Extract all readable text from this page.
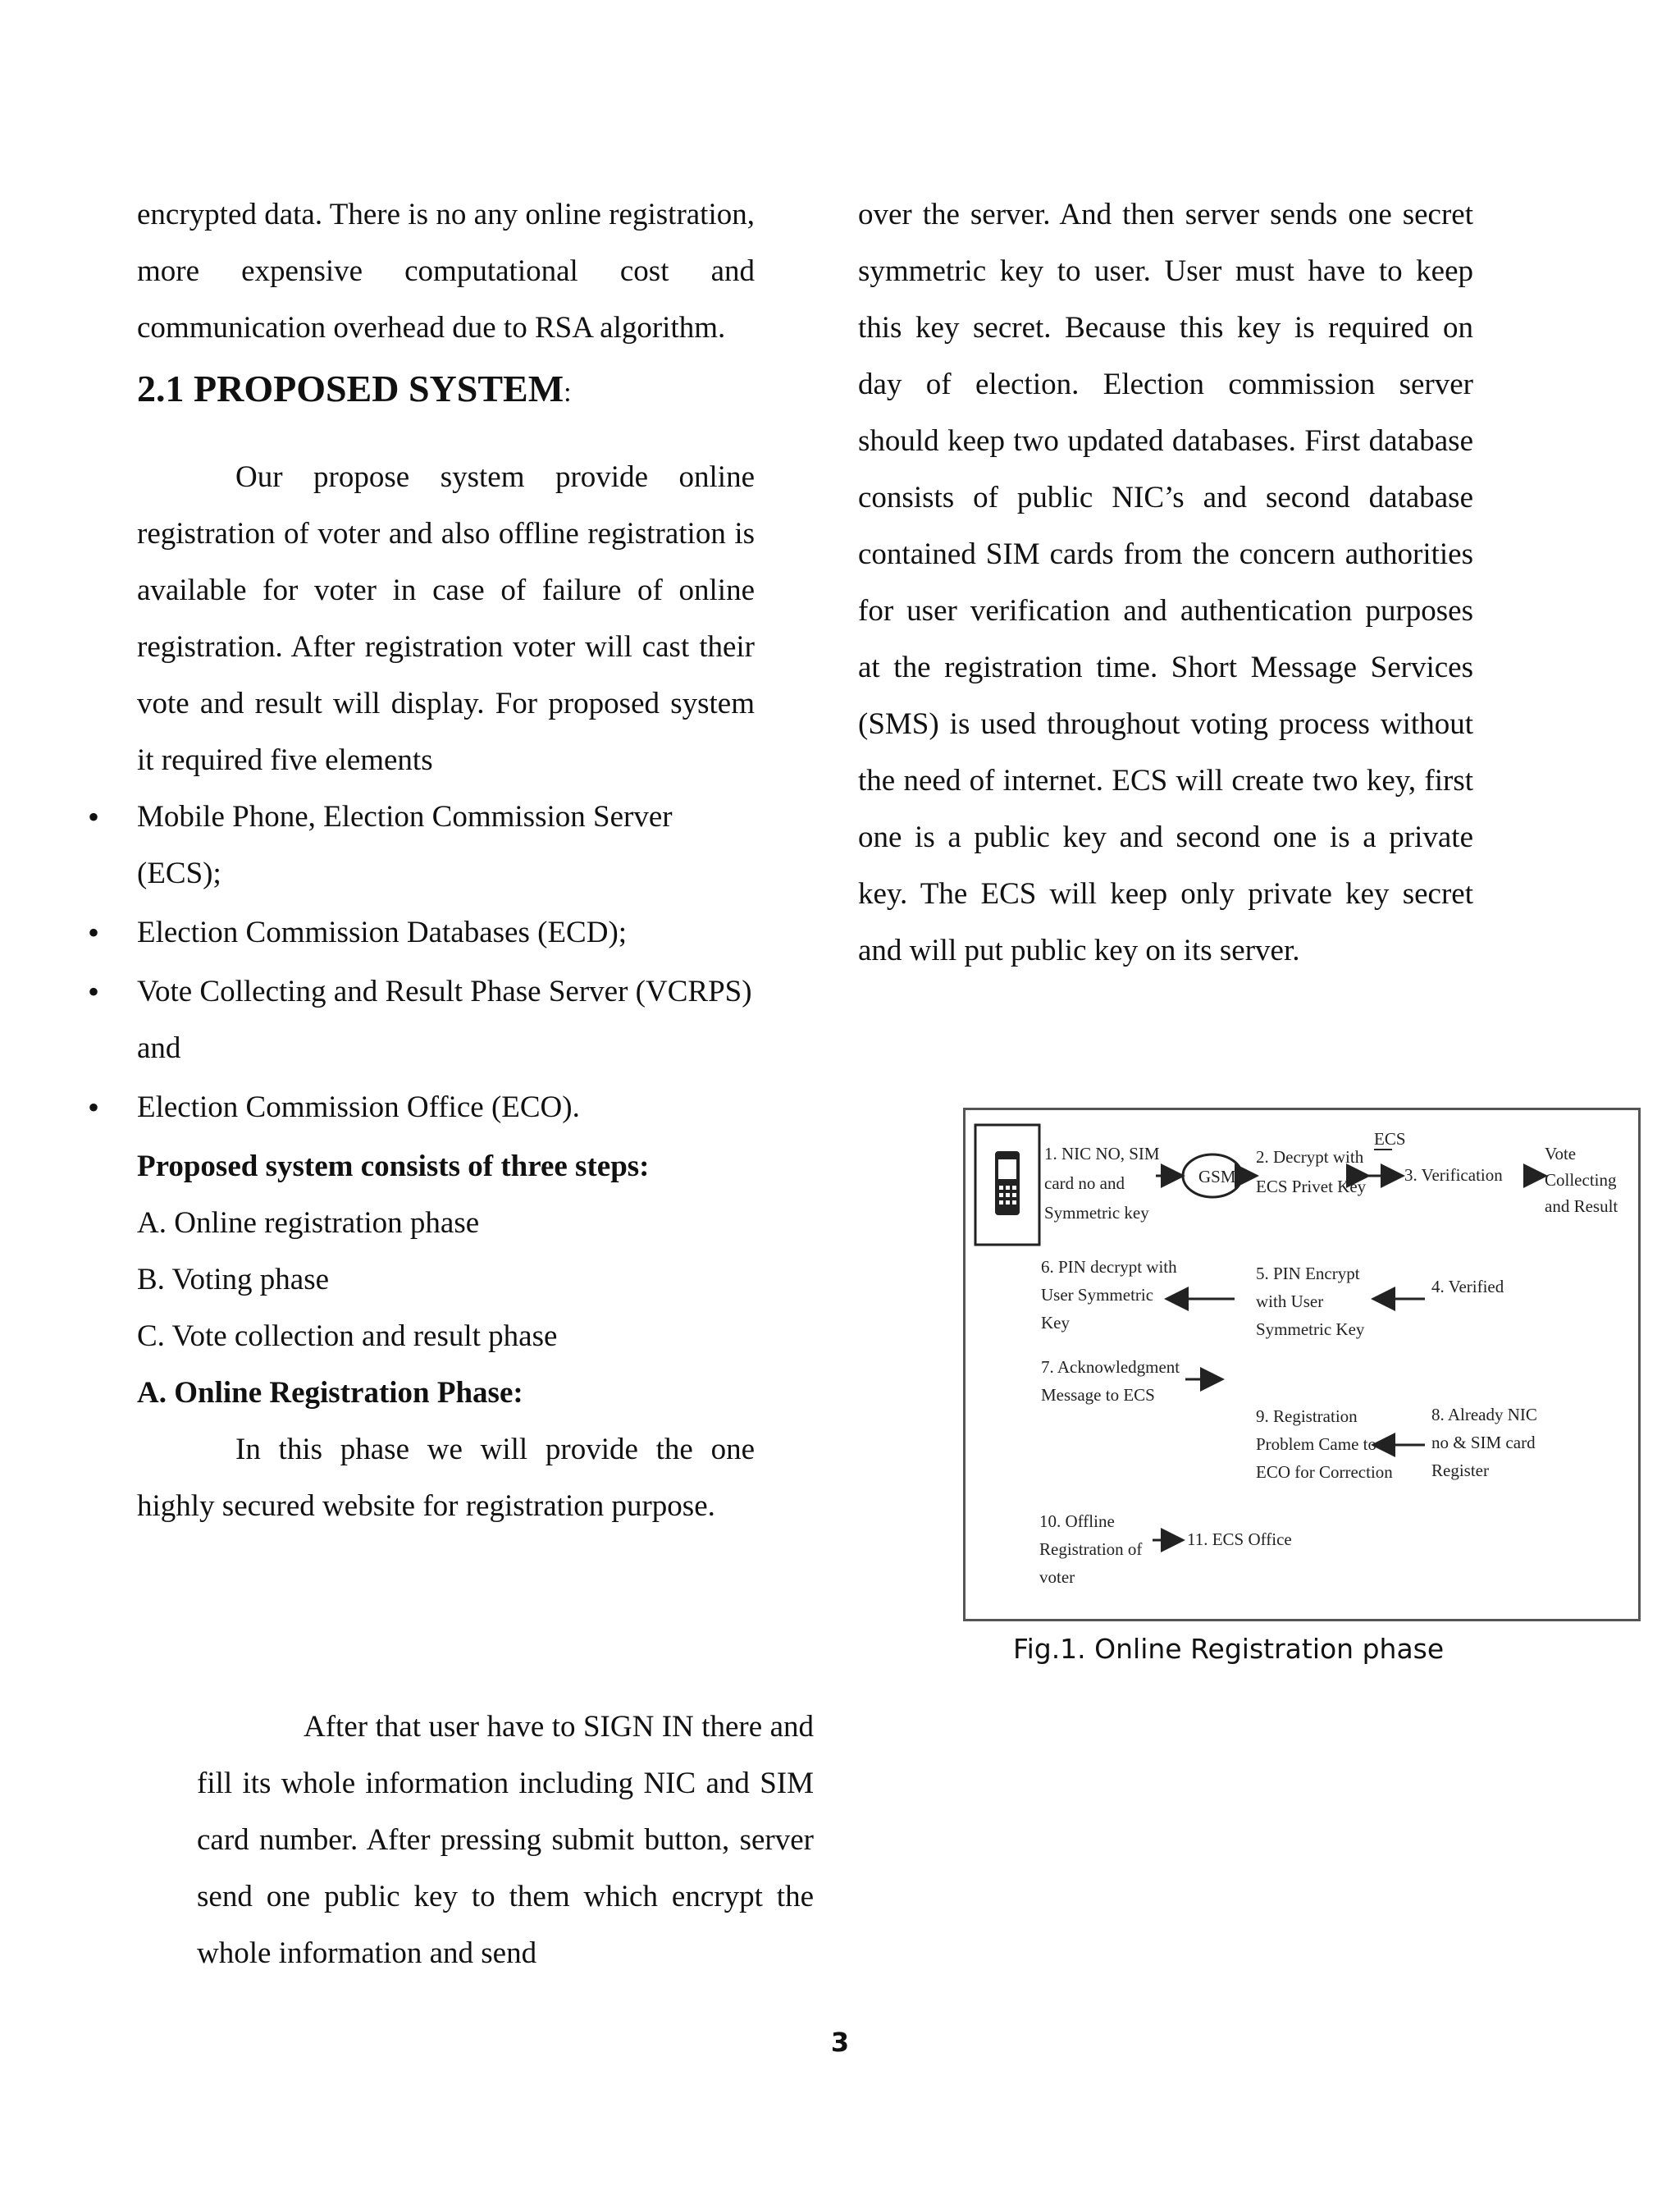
encrypted data. There is no any online registration, more expensive computational cost and communication overhead due to RSA algorithm.

2.1 PROPOSED SYSTEM:

Our propose system provide online registration of voter and also offline registration is available for voter in case of failure of online registration. After registration voter will cast their vote and result will display. For proposed system it required five elements

• Mobile Phone, Election Commission Server (ECS);
• Election Commission Databases (ECD);
• Vote Collecting and Result Phase Server (VCRPS) and
• Election Commission Office (ECO).

Proposed system consists of three steps:

A. Online registration phase

B. Voting phase

C. Vote collection and result phase

A. Online Registration Phase:

In this phase we will provide the one highly secured website for registration purpose.

After that user have to SIGN IN there and fill its whole information including NIC and SIM card number. After pressing submit button, server send one public key to them which encrypt the whole information and send

over the server. And then server sends one secret symmetric key to user. User must have to keep this key secret. Because this key is required on day of election. Election commission server should keep two updated databases. First database consists of public NIC’s and second database contained SIM cards from the concern authorities for user verification and authentication purposes at the registration time. Short Message Services (SMS) is used throughout voting process without the need of internet. ECS will create two key, first one is a public key and second one is a private key. The ECS will keep only private key secret and will put public key on its server.

1. NIC NO, SIM
card no and
Symmetric key
GSM
2. Decrypt with
ECS Privet Key
ECS
3. Verification
Vote
Collecting
and Result
6. PIN decrypt with
User Symmetric
Key
5. PIN Encrypt
with User
Symmetric Key
4. Verified
7. Acknowledgment
Message to ECS
9. Registration
Problem Came to
ECO for Correction
8. Already NIC
no & SIM card
Register
10. Offline
Registration of
voter
11. ECS Office
Fig.1. Online Registration phase
3
